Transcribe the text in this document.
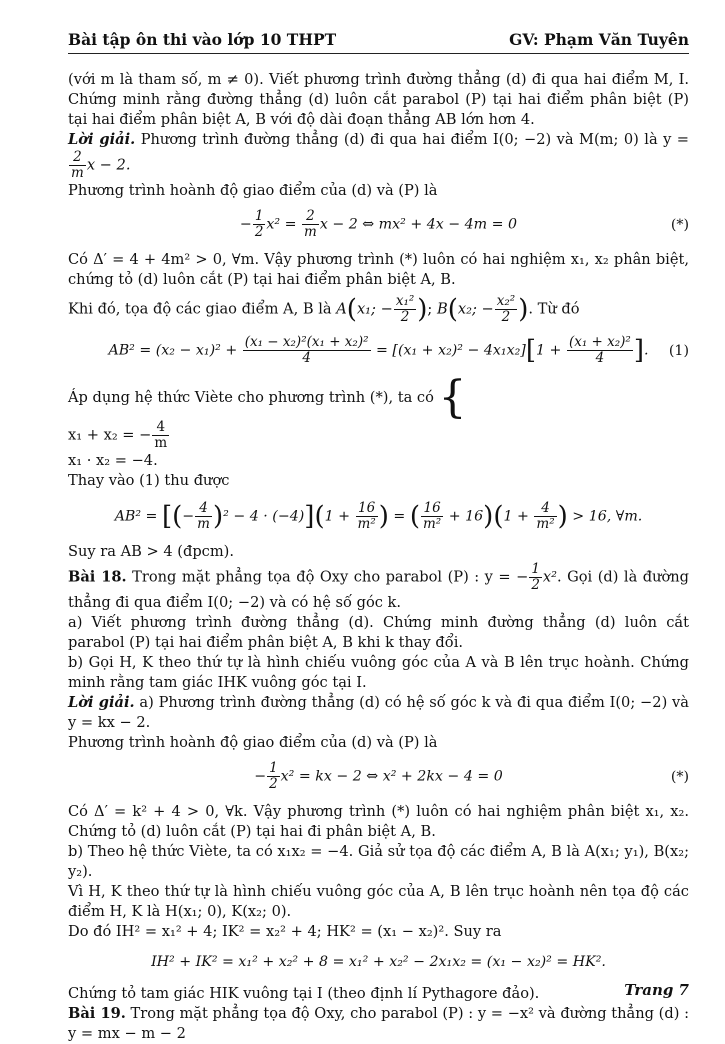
Bài tập ôn thi vào lớp 10 THPT	GV: Phạm Văn Tuyên

(với m là tham số, m ≠ 0). Viết phương trình đường thẳng (d) đi qua hai điểm M, I. Chứng minh rằng đường thẳng (d) luôn cắt parabol (P) tại hai điểm phân biệt (P) tại hai điểm phân biệt A, B với độ dài đoạn thẳng AB lớn hơn 4.

Lời giải. Phương trình đường thẳng (d) đi qua hai điểm I(0; −2) và M(m; 0) là y =
$\frac{2}{m}$ x − 2.

Phương trình hoành độ giao điểm của (d) và (P) là

− $\frac{1}{2} x^2 = \frac{2}{m}$ x − 2 ⇔ mx² + 4x − 4m = 0	(*)

Có Δ′ = 4 + 4m² > 0, ∀m. Vậy phương trình (*) luôn có hai nghiệm x₁, x₂ phân biệt, chứng tỏ (d) luôn cắt (P) tại hai điểm phân biệt A, B.

Khi đó, tọa độ các giao điểm A, B là A(x₁; − $\frac{\text{x₁²}}{2}$ ); B(x₂; − $\frac{\text{x₂²}}{2}$ ). Từ đó

$AB^2 = (x_2 - x_1)^2 + \frac{\text{(x₁ − x₂)²(x₁ + x₂)²}}{4} = [(x_1 + x_2)^2 - 4x_1x_2][1 + \frac{\text{(x₁ + x₂)²}}{4}$ ]. (1)

Áp dụng hệ thức Viète cho phương trình (*), ta có {

x₁ + x₂ = − $\frac{4}{m}$
x₁ · x₂ = −4.

Thay vào (1) thu được

AB² = [(− $\frac{4}{m} )^2 - 4 \cdot (-4)](1 + \frac{16}{\text{m²}}$ ) = ( $\frac{16}{\text{m²}} + 16)(1 + \frac{4}{\text{m²}}$ ) > 16, ∀m.

Suy ra AB > 4 (đpcm).

Bài 18. Trong mặt phẳng tọa độ Oxy cho parabol (P) : y = − $\frac{1}{2} x^2$. Gọi (d) là đường thẳng đi qua điểm I(0; −2) và có hệ số góc k.

a) Viết phương trình đường thẳng (d). Chứng minh đường thẳng (d) luôn cắt parabol (P) tại hai điểm phân biệt A, B khi k thay đổi.

b) Gọi H, K theo thứ tự là hình chiếu vuông góc của A và B lên trục hoành. Chứng minh rằng tam giác IHK vuông góc tại I.

Lời giải. a) Phương trình đường thẳng (d) có hệ số góc k và đi qua điểm I(0; −2) và y = kx − 2.

Phương trình hoành độ giao điểm của (d) và (P) là

− $\frac{1}{2} x^2$ = kx − 2 ⇔ x² + 2kx − 4 = 0	(*)

Có Δ′ = k² + 4 > 0, ∀k. Vậy phương trình (*) luôn có hai nghiệm phân biệt x₁, x₂. Chứng tỏ (d) luôn cắt (P) tại hai đi phân biệt A, B.

b) Theo hệ thức Viète, ta có x₁x₂ = −4. Giả sử tọa độ các điểm A, B là A(x₁; y₁), B(x₂; y₂).

Vì H, K theo thứ tự là hình chiếu vuông góc của A, B lên trục hoành nên tọa độ các điểm H, K là H(x₁; 0), K(x₂; 0).

Do đó IH² = x₁² + 4; IK² = x₂² + 4; HK² = (x₁ − x₂)². Suy ra

IH² + IK² = x₁² + x₂² + 8 = x₁² + x₂² − 2x₁x₂ = (x₁ − x₂)² = HK².

Chứng tỏ tam giác HIK vuông tại I (theo định lí Pythagore đảo).

Bài 19. Trong mặt phẳng tọa độ Oxy, cho parabol (P) : y = −x² và đường thẳng (d) : y = mx − m − 2

Trang 7
